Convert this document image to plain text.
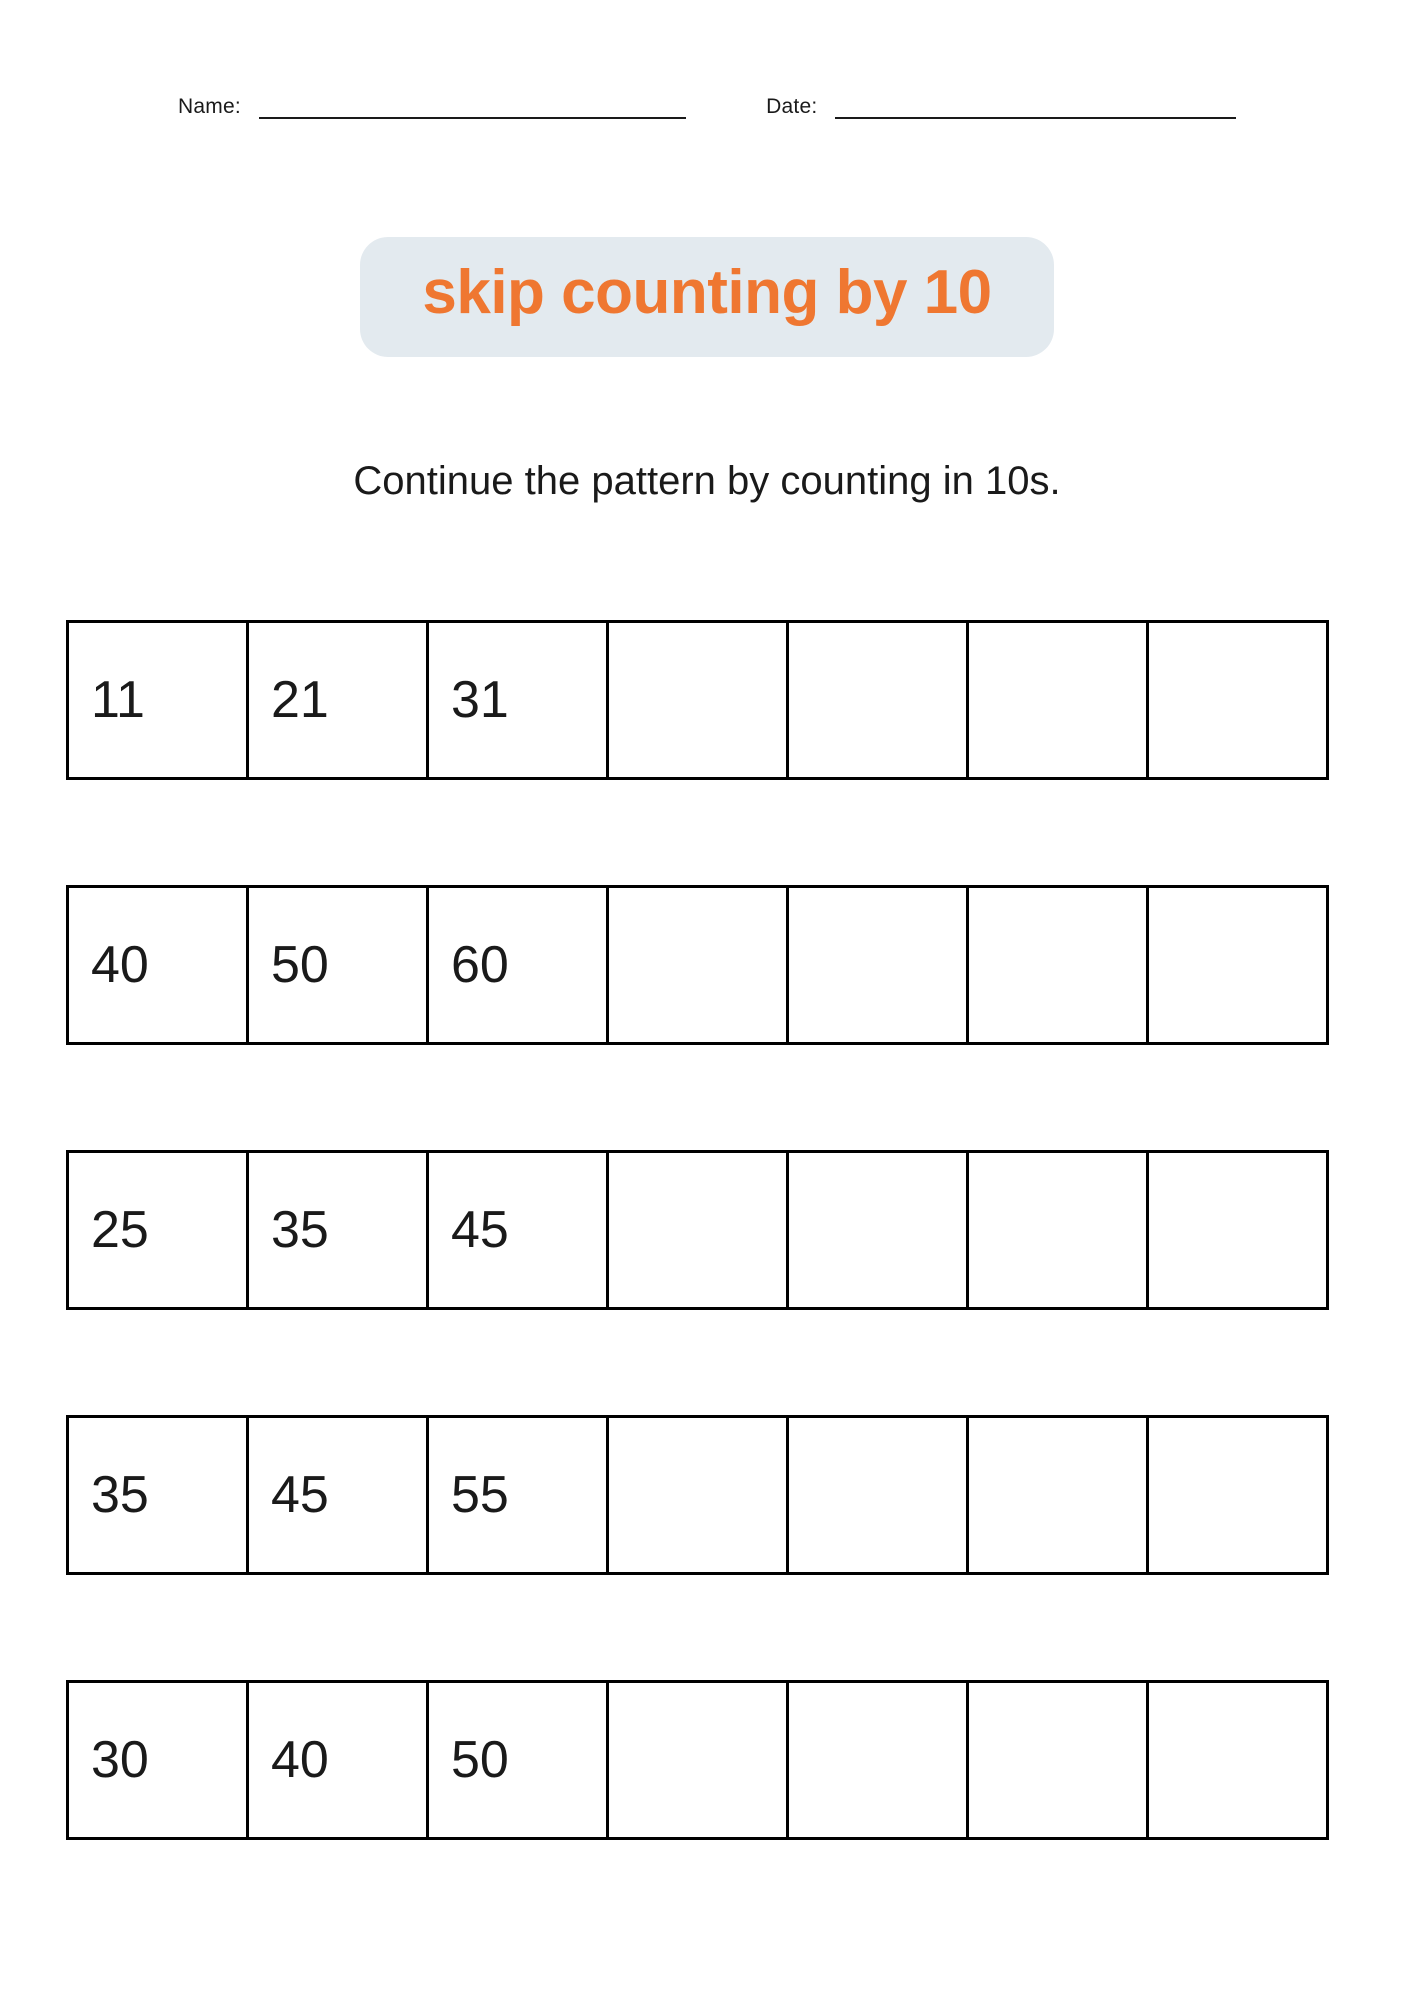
Name:	Date:
skip counting by 10
Continue the pattern by counting in 10s.
11	21	31
40	50	60
25	35	45
35	45	55
30	40	50
